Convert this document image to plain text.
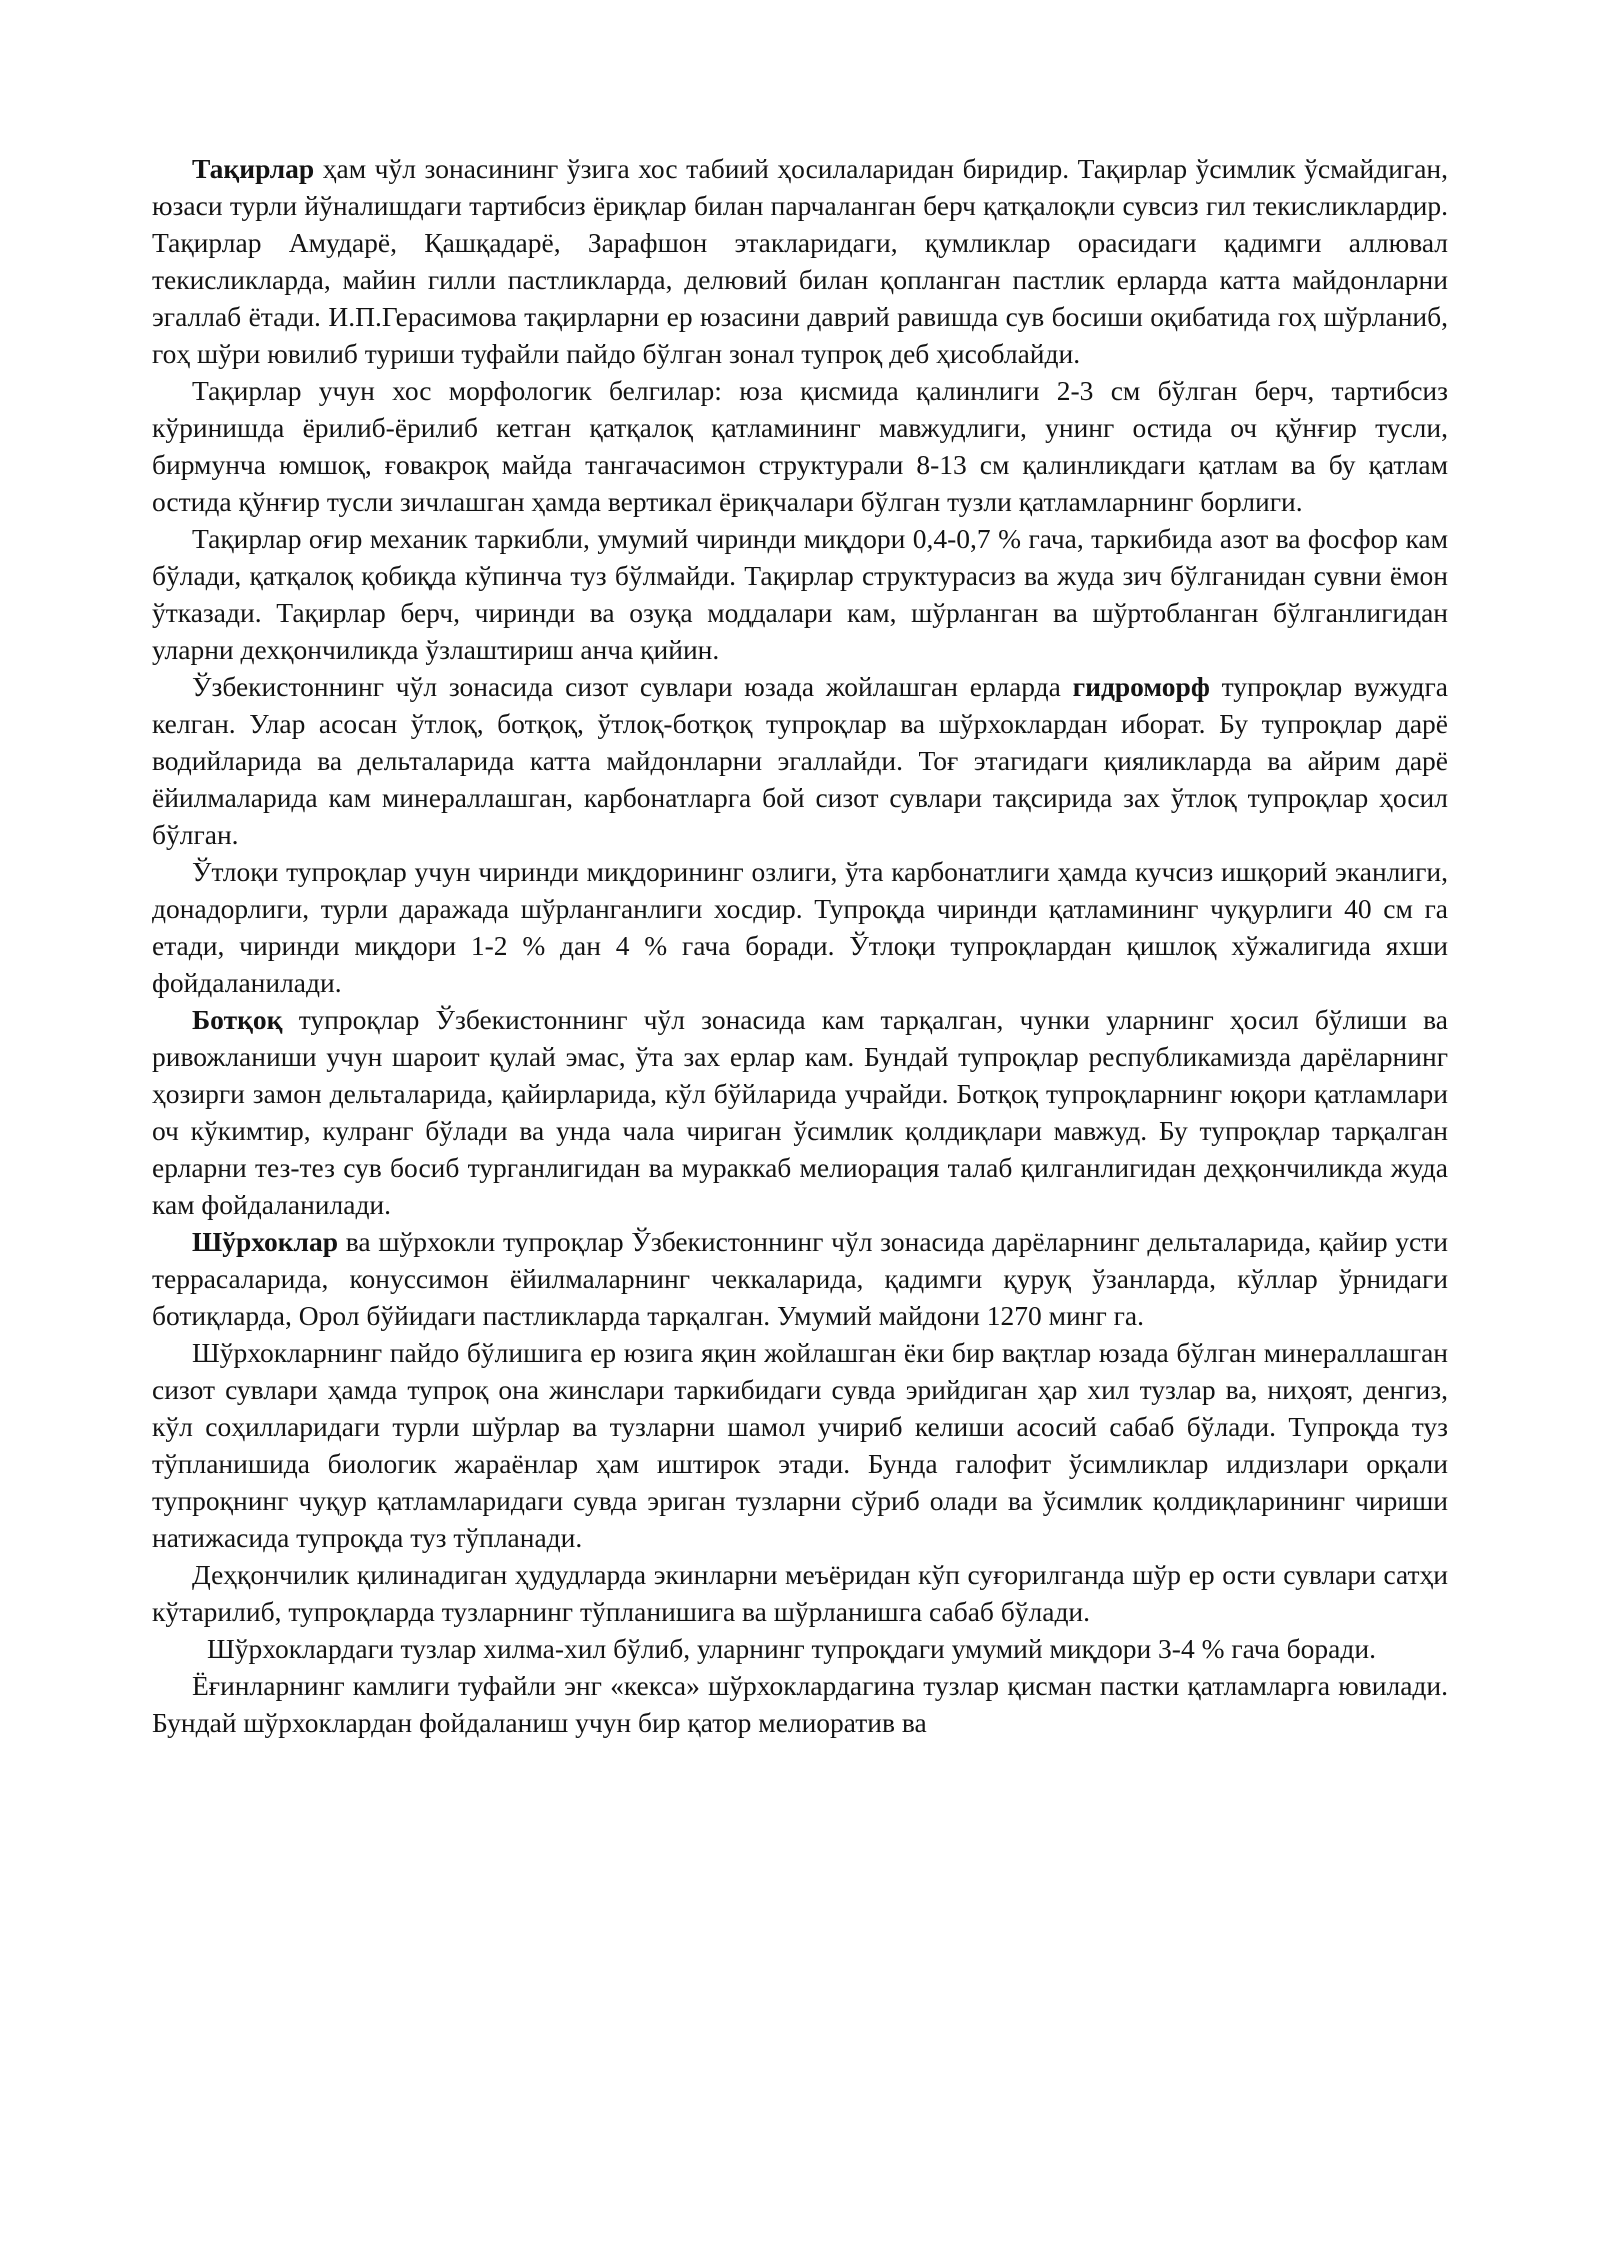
Тақирлар ҳам чўл зонасининг ўзига хос табиий ҳосилаларидан биридир. Тақирлар ўсимлик ўсмайдиган, юзаси турли йўналишдаги тартибсиз ёриқлар билан парчаланган берч қатқалоқли сувсиз гил текисликлардир. Тақирлар Амударё, Қашқадарё, Зарафшон этакларидаги, қумликлар орасидаги қадимги аллювал текисликларда, майин гилли пастликларда, делювий билан қопланган пастлик ерларда катта майдонларни эгаллаб ётади. И.П.Герасимова тақирларни ер юзасини даврий равишда сув босиши оқибатида гоҳ шўрланиб, гоҳ шўри ювилиб туриши туфайли пайдо бўлган зонал тупроқ деб ҳисоблайди.

Тақирлар учун хос морфологик белгилар: юза қисмида қалинлиги 2-3 см бўлган берч, тартибсиз кўринишда ёрилиб-ёрилиб кетган қатқалоқ қатламининг мавжудлиги, унинг остида оч қўнғир тусли, бирмунча юмшоқ, ғовакроқ майда тангачасимон структурали 8-13 см қалинликдаги қатлам ва бу қатлам остида қўнғир тусли зичлашган ҳамда вертикал ёриқчалари бўлган тузли қатламларнинг борлиги.

Тақирлар оғир механик таркибли, умумий чиринди миқдори 0,4-0,7 % гача, таркибида азот ва фосфор кам бўлади, қатқалоқ қобиқда кўпинча туз бўлмайди. Тақирлар структурасиз ва жуда зич бўлганидан сувни ёмон ўтказади. Тақирлар берч, чиринди ва озуқа моддалари кам, шўрланган ва шўртобланган бўлганлигидан уларни дехқончиликда ўзлаштириш анча қийин.

Ўзбекистоннинг чўл зонасида сизот сувлари юзада жойлашган ерларда гидроморф тупроқлар вужудга келган. Улар асосан ўтлоқ, ботқоқ, ўтлоқ-ботқоқ тупроқлар ва шўрхоклардан иборат. Бу тупроқлар дарё водийларида ва дельталарида катта майдонларни эгаллайди. Тоғ этагидаги қияликларда ва айрим дарё ёйилмаларида кам минераллашган, карбонатларга бой сизот сувлари тақсирида зах ўтлоқ тупроқлар ҳосил бўлган.

Ўтлоқи тупроқлар учун чиринди миқдорининг озлиги, ўта карбонатлиги ҳамда кучсиз ишқорий эканлиги, донадорлиги, турли даражада шўрланганлиги хосдир. Тупроқда чиринди қатламининг чуқурлиги 40 см га етади, чиринди миқдори 1-2 % дан 4 % гача боради. Ўтлоқи тупроқлардан қишлоқ хўжалигида яхши фойдаланилади.

Ботқоқ тупроқлар Ўзбекистоннинг чўл зонасида кам тарқалган, чунки уларнинг ҳосил бўлиши ва ривожланиши учун шароит қулай эмас, ўта зах ерлар кам. Бундай тупроқлар республикамизда дарёларнинг ҳозирги замон дельталарида, қайирларида, кўл бўйларида учрайди. Ботқоқ тупроқларнинг юқори қатламлари оч кўкимтир, кулранг бўлади ва унда чала чириган ўсимлик қолдиқлари мавжуд. Бу тупроқлар тарқалган ерларни тез-тез сув босиб турганлигидан ва мураккаб мелиорация талаб қилганлигидан деҳқончиликда жуда кам фойдаланилади.

Шўрхоклар ва шўрхокли тупроқлар Ўзбекистоннинг чўл зонасида дарёларнинг дельталарида, қайир усти террасаларида, конуссимон ёйилмаларнинг чеккаларида, қадимги қуруқ ўзанларда, кўллар ўрнидаги ботиқларда, Орол бўйидаги пастликларда тарқалган. Умумий майдони 1270 минг га.

Шўрхокларнинг пайдо бўлишига ер юзига яқин жойлашган ёки бир вақтлар юзада бўлган минераллашган сизот сувлари ҳамда тупроқ она жинслари таркибидаги сувда эрийдиган ҳар хил тузлар ва, ниҳоят, денгиз, кўл соҳилларидаги турли шўрлар ва тузларни шамол учириб келиши асосий сабаб бўлади. Тупроқда туз тўпланишида биологик жараёнлар ҳам иштирок этади. Бунда галофит ўсимликлар илдизлари орқали тупроқнинг чуқур қатламларидаги сувда эриган тузларни сўриб олади ва ўсимлик қолдиқларининг чириши натижасида тупроқда туз тўпланади.

Деҳқончилик қилинадиган ҳудудларда экинларни меъёридан кўп суғорилганда шўр ер ости сувлари сатҳи кўтарилиб, тупроқларда тузларнинг тўпланишига ва шўрланишга сабаб бўлади.

Шўрхоклардаги тузлар хилма-хил бўлиб, уларнинг тупроқдаги умумий миқдори 3-4 % гача боради.

Ёғинларнинг камлиги туфайли энг «кекса» шўрхоклардагина тузлар қисман пастки қатламларга ювилади. Бундай шўрхоклардан фойдаланиш учун бир қатор мелиоратив ва
